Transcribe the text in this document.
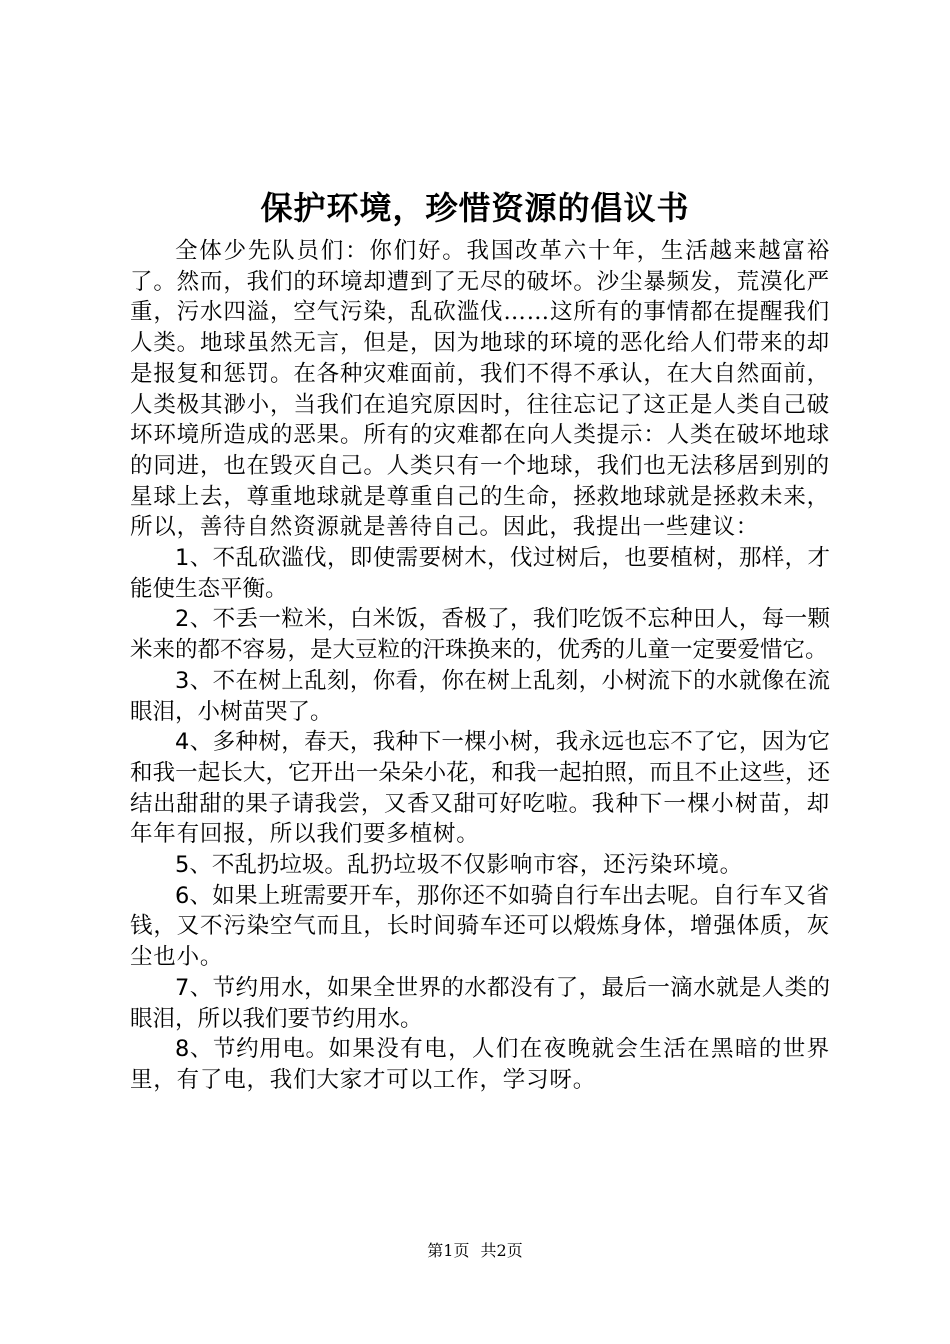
保护环境，珍惜资源的倡议书

全体少先队员们：你们好。我国改革六十年，生活越来越富裕了。然而，我们的环境却遭到了无尽的破坏。沙尘暴频发，荒漠化严重，污水四溢，空气污染，乱砍滥伐……这所有的事情都在提醒我们人类。地球虽然无言，但是，因为地球的环境的恶化给人们带来的却是报复和惩罚。在各种灾难面前，我们不得不承认，在大自然面前，人类极其渺小，当我们在追究原因时，往往忘记了这正是人类自己破坏环境所造成的恶果。所有的灾难都在向人类提示：人类在破坏地球的同进，也在毁灭自己。人类只有一个地球，我们也无法移居到别的星球上去，尊重地球就是尊重自己的生命，拯救地球就是拯救未来，所以，善待自然资源就是善待自己。因此，我提出一些建议：

1、不乱砍滥伐，即使需要树木，伐过树后，也要植树，那样，才能使生态平衡。

2、不丢一粒米，白米饭，香极了，我们吃饭不忘种田人，每一颗米来的都不容易，是大豆粒的汗珠换来的，优秀的儿童一定要爱惜它。

3、不在树上乱刻，你看，你在树上乱刻，小树流下的水就像在流眼泪，小树苗哭了。

4、多种树，春天，我种下一棵小树，我永远也忘不了它，因为它和我一起长大，它开出一朵朵小花，和我一起拍照，而且不止这些，还结出甜甜的果子请我尝，又香又甜可好吃啦。我种下一棵小树苗，却年年有回报，所以我们要多植树。

5、不乱扔垃圾。乱扔垃圾不仅影响市容，还污染环境。

6、如果上班需要开车，那你还不如骑自行车出去呢。自行车又省钱，又不污染空气而且，长时间骑车还可以煅炼身体，增强体质，灰尘也小。

7、节约用水，如果全世界的水都没有了，最后一滴水就是人类的眼泪，所以我们要节约用水。

8、节约用电。如果没有电，人们在夜晚就会生活在黑暗的世界里，有了电，我们大家才可以工作，学习呀。

第1页 共2页
